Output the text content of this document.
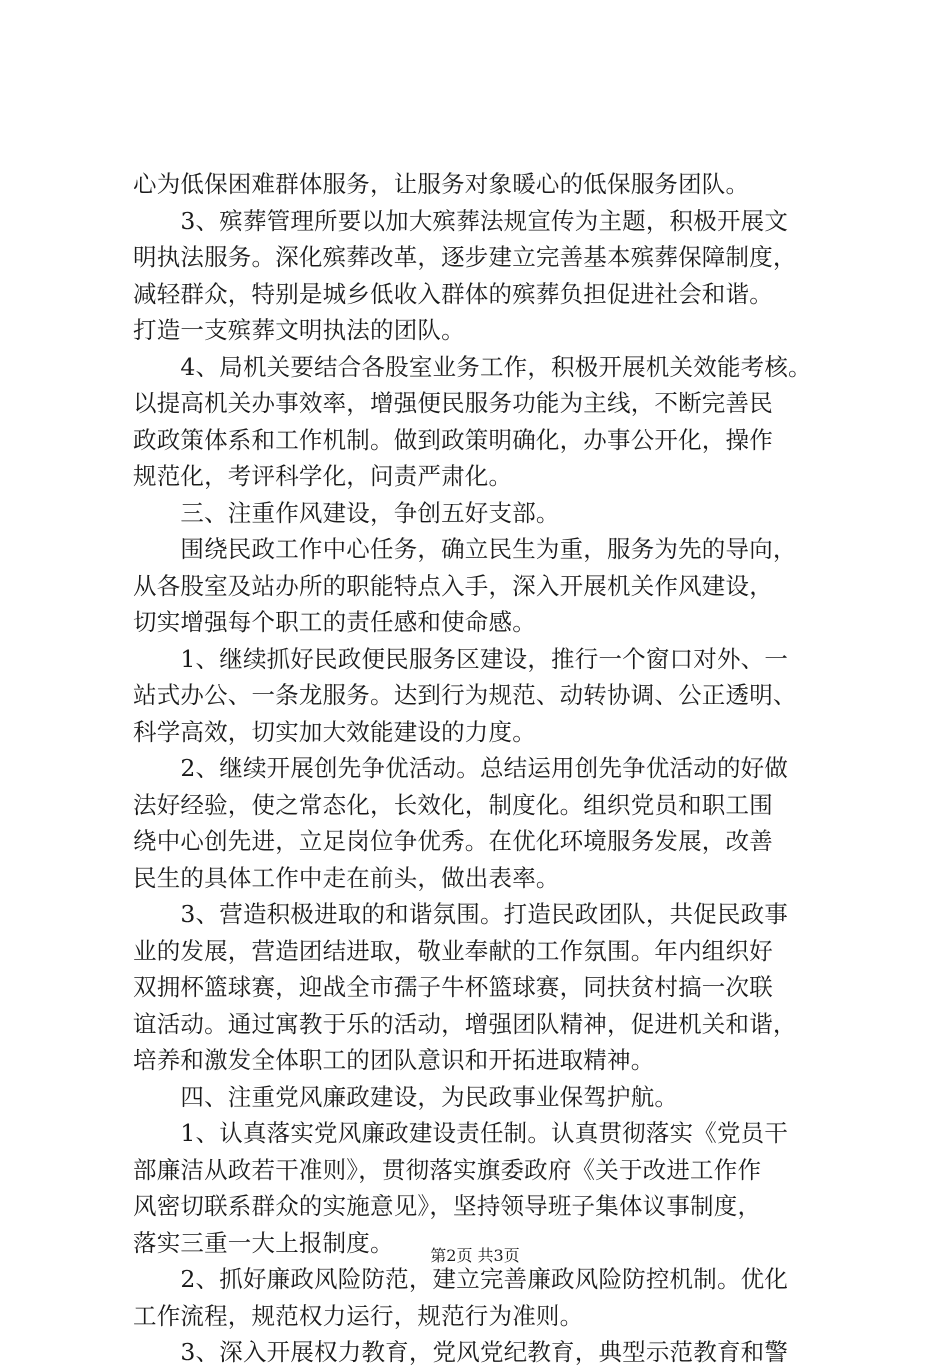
心为低保困难群体服务，让服务对象暖心的低保服务团队。
　　3、殡葬管理所要以加大殡葬法规宣传为主题，积极开展文
明执法服务。深化殡葬改革，逐步建立完善基本殡葬保障制度，
减轻群众，特别是城乡低收入群体的殡葬负担促进社会和谐。
打造一支殡葬文明执法的团队。
　　4、局机关要结合各股室业务工作，积极开展机关效能考核。
以提高机关办事效率，增强便民服务功能为主线，不断完善民
政政策体系和工作机制。做到政策明确化，办事公开化，操作
规范化，考评科学化，问责严肃化。
　　三、注重作风建设，争创五好支部。
　　围绕民政工作中心任务，确立民生为重，服务为先的导向，
从各股室及站办所的职能特点入手，深入开展机关作风建设，
切实增强每个职工的责任感和使命感。
　　1、继续抓好民政便民服务区建设，推行一个窗口对外、一
站式办公、一条龙服务。达到行为规范、动转协调、公正透明、
科学高效，切实加大效能建设的力度。
　　2、继续开展创先争优活动。总结运用创先争优活动的好做
法好经验，使之常态化，长效化，制度化。组织党员和职工围
绕中心创先进，立足岗位争优秀。在优化环境服务发展，改善
民生的具体工作中走在前头，做出表率。
　　3、营造积极进取的和谐氛围。打造民政团队，共促民政事
业的发展，营造团结进取，敬业奉献的工作氛围。年内组织好
双拥杯篮球赛，迎战全市孺子牛杯篮球赛，同扶贫村搞一次联
谊活动。通过寓教于乐的活动，增强团队精神，促进机关和谐，
培养和激发全体职工的团队意识和开拓进取精神。
　　四、注重党风廉政建设，为民政事业保驾护航。
　　1、认真落实党风廉政建设责任制。认真贯彻落实《党员干
部廉洁从政若干准则》，贯彻落实旗委政府《关于改进工作作
风密切联系群众的实施意见》，坚持领导班子集体议事制度，
落实三重一大上报制度。
　　2、抓好廉政风险防范，建立完善廉政风险防控机制。优化
工作流程，规范权力运行，规范行为准则。
　　3、深入开展权力教育，党风党纪教育，典型示范教育和警
第2页 共3页
